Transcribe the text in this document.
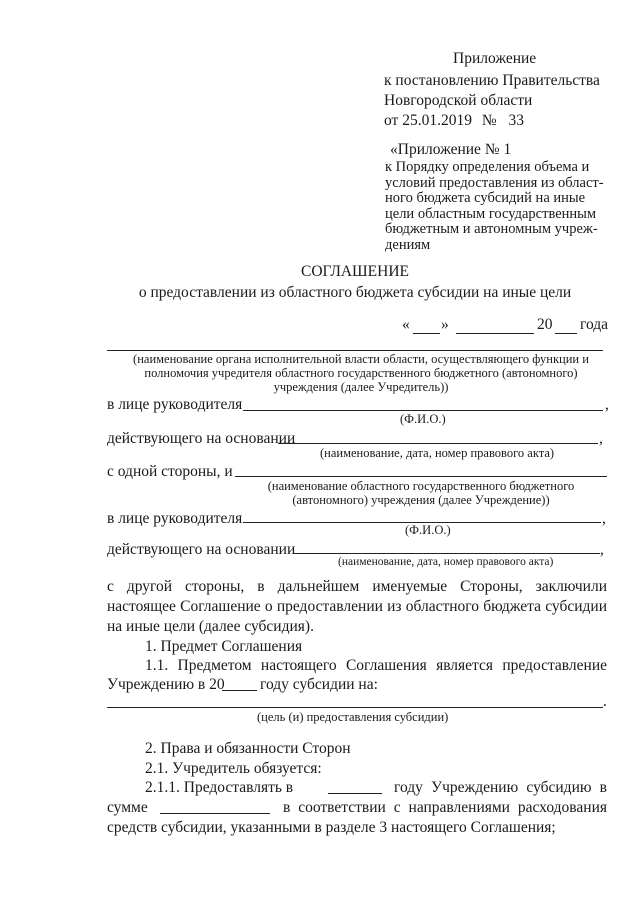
Приложение
к постановлению Правительства
Новгородской области
от 25.01.2019 № 33
«Приложение № 1
к Порядку определения объема и
условий предоставления из област-
ного бюджета субсидий на иные
цели областным государственным
бюджетным и автономным учреж-
дениям
СОГЛАШЕНИЕ
о предоставлении из областного бюджета субсидии на иные цели
« »	20 года
(наименование органа исполнительной власти области, осуществляющего функции и
полномочия учредителя областного государственного бюджетного (автономного)
учреждения (далее Учредитель))
в лице руководителя	,
(Ф.И.О.)
действующего на основании	,
(наименование, дата, номер правового акта)
с одной стороны, и
(наименование областного государственного бюджетного
(автономного) учреждения (далее Учреждение))
в лице руководителя	,
(Ф.И.О.)
действующего на основании	,
(наименование, дата, номер правового акта)
с другой стороны, в дальнейшем именуемые Стороны, заключили
настоящее Соглашение о предоставлении из областного бюджета субсидии
на иные цели (далее субсидия).
1. Предмет Соглашения
1.1. Предметом настоящего Соглашения является предоставление
Учреждению в 20 году субсидии на:
.
(цель (и) предоставления субсидии)
2. Права и обязанности Сторон
2.1. Учредитель обязуется:
2.1.1. Предоставлять в	году Учреждению субсидию в
сумме	в соответствии с направлениями расходования
средств субсидии, указанными в разделе 3 настоящего Соглашения;
